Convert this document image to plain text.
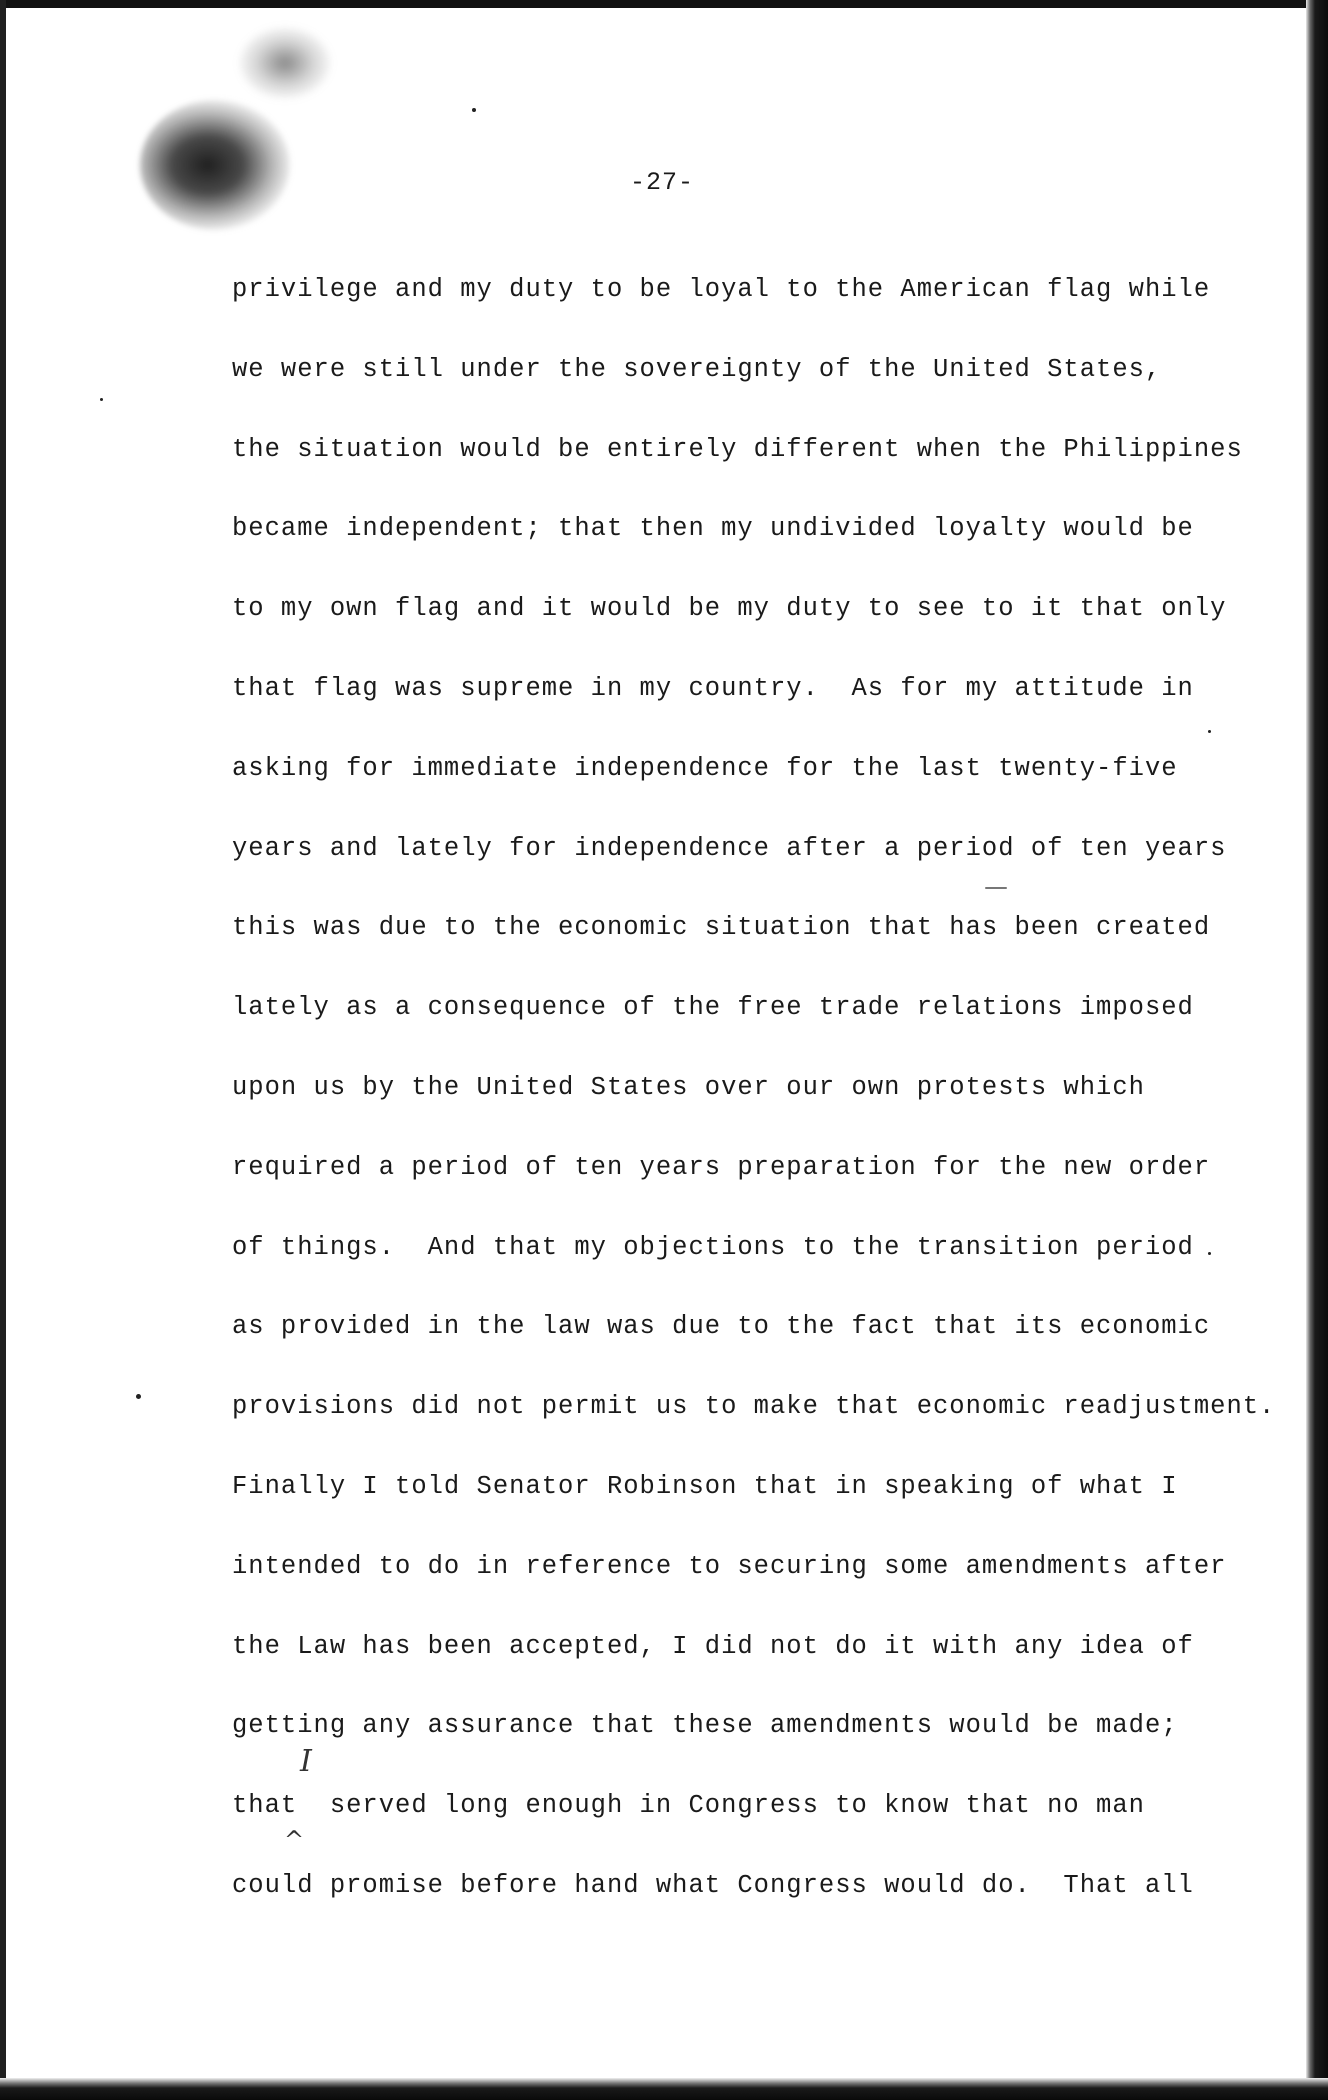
-27-
privilege and my duty to be loyal to the American flag while
we were still under the sovereignty of the United States,
the situation would be entirely different when the Philippines
became independent; that then my undivided loyalty would be
to my own flag and it would be my duty to see to it that only
that flag was supreme in my country.  As for my attitude in
asking for immediate independence for the last twenty-five
years and lately for independence after a period of ten years
this was due to the economic situation that has been created
lately as a consequence of the free trade relations imposed
upon us by the United States over our own protests which
required a period of ten years preparation for the new order
of things.  And that my objections to the transition period
as provided in the law was due to the fact that its economic
provisions did not permit us to make that economic readjustment.
Finally I told Senator Robinson that in speaking of what I
intended to do in reference to securing some amendments after
the Law has been accepted, I did not do it with any idea of
getting any assurance that these amendments would be made;
that  served long enough in Congress to know that no man
could promise before hand what Congress would do.  That all
I
^
